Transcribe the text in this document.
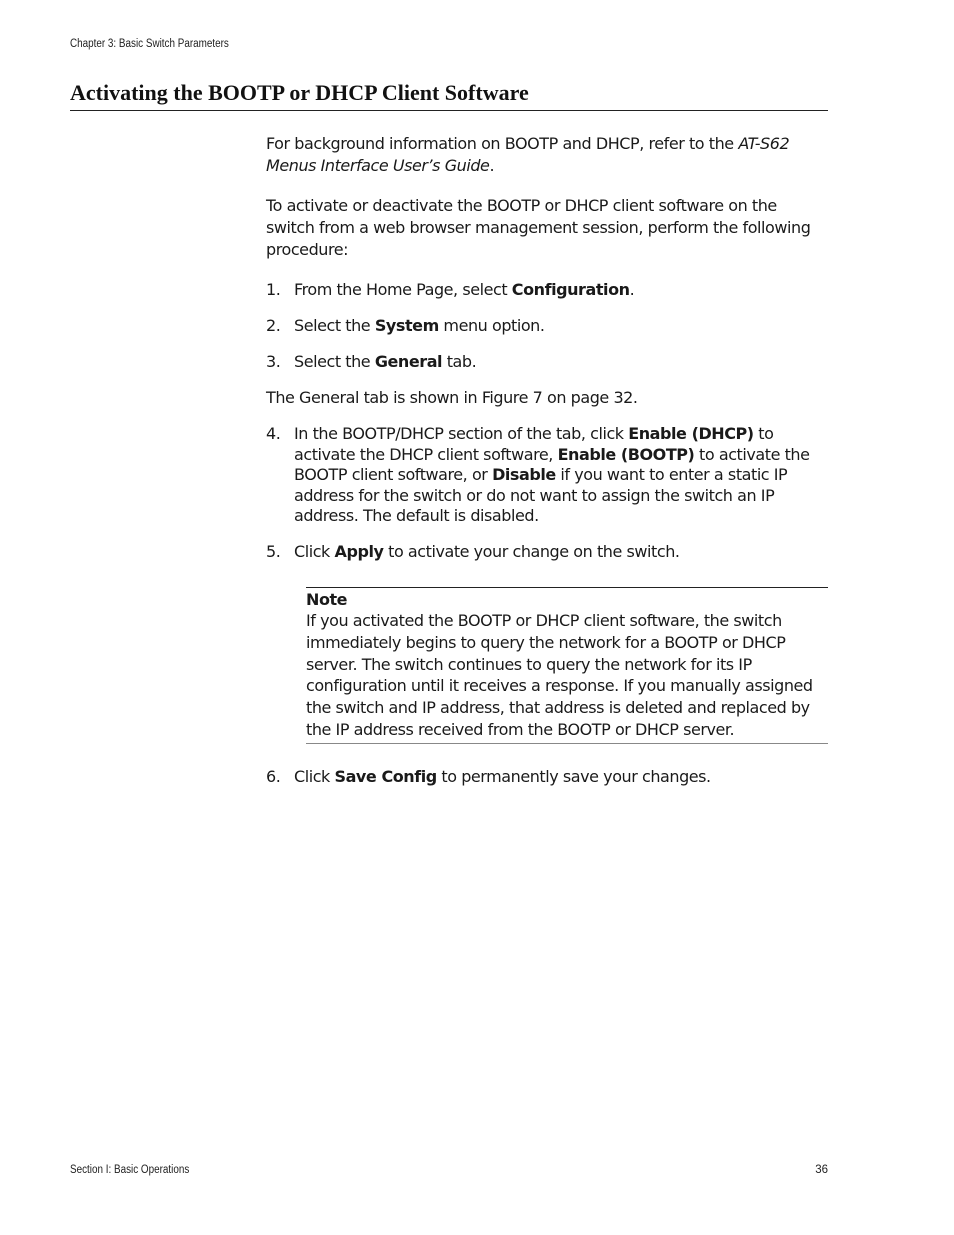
Chapter 3: Basic Switch Parameters
Activating the BOOTP or DHCP Client Software

For background information on BOOTP and DHCP, refer to the AT-S62 Menus Interface User’s Guide.

To activate or deactivate the BOOTP or DHCP client software on the switch from a web browser management session, perform the following procedure:

1. From the Home Page, select Configuration.
2. Select the System menu option.
3. Select the General tab.

The General tab is shown in Figure 7 on page 32.

4. In the BOOTP/DHCP section of the tab, click Enable (DHCP) to activate the DHCP client software, Enable (BOOTP) to activate the BOOTP client software, or Disable if you want to enter a static IP address for the switch or do not want to assign the switch an IP address. The default is disabled.
5. Click Apply to activate your change on the switch.
Note
If you activated the BOOTP or DHCP client software, the switch immediately begins to query the network for a BOOTP or DHCP server. The switch continues to query the network for its IP configuration until it receives a response. If you manually assigned the switch and IP address, that address is deleted and replaced by the IP address received from the BOOTP or DHCP server.
6. Click Save Config to permanently save your changes.
Section I: Basic Operations	36
